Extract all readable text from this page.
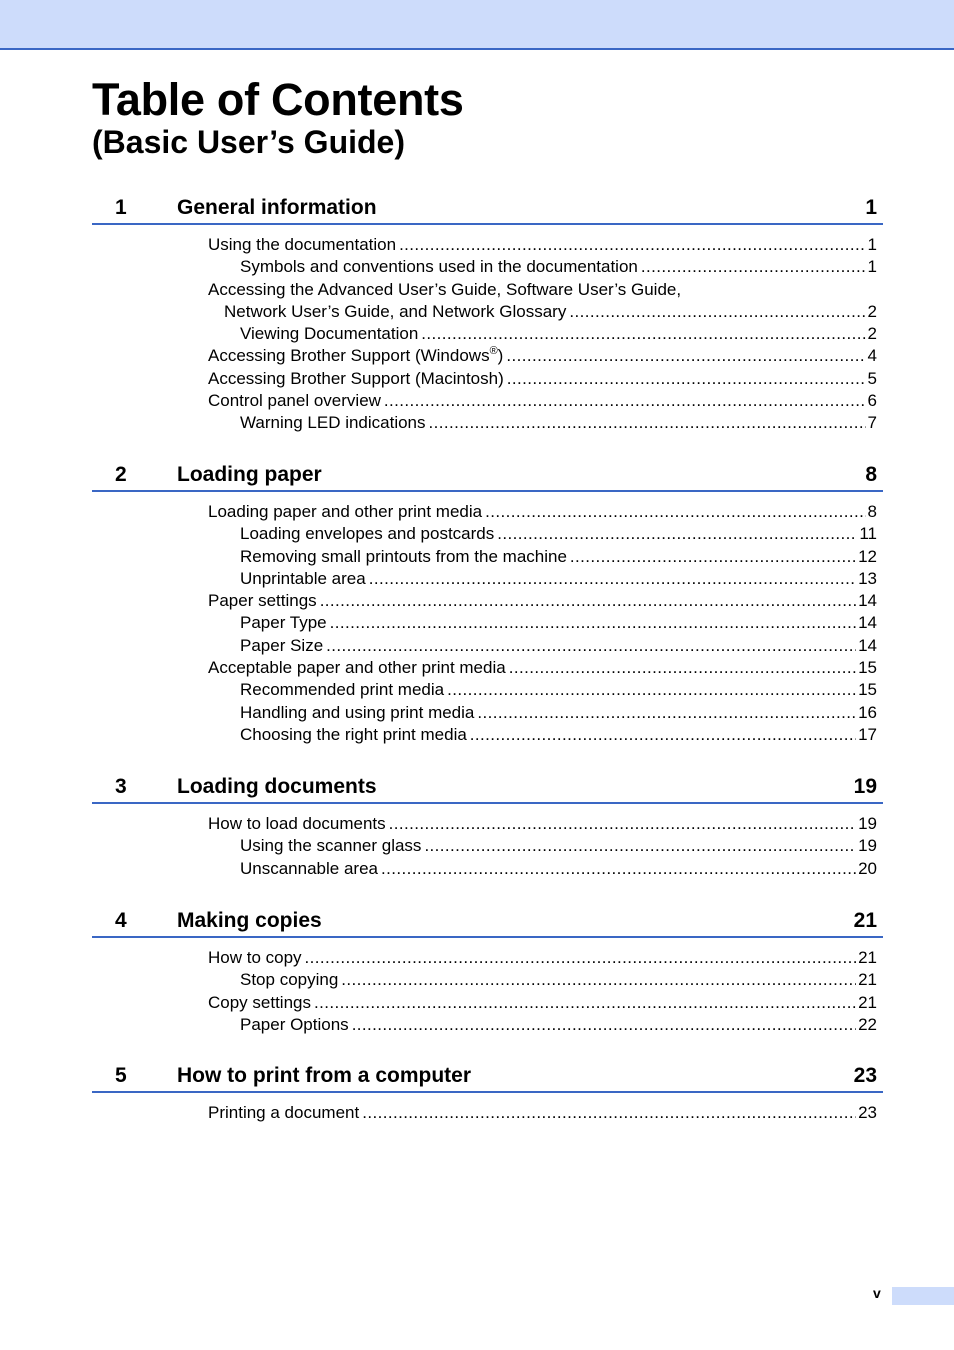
Table of Contents
(Basic User’s Guide)
1 General information	1
Using the documentation .....	1
Symbols and conventions used in the documentation .....	1
Accessing the Advanced User’s Guide, Software User’s Guide,
Network User’s Guide, and Network Glossary .....	2
Viewing Documentation .....	2
Accessing Brother Support (Windows®) .....	4
Accessing Brother Support (Macintosh) .....	5
Control panel overview .....	6
Warning LED indications .....	7
2 Loading paper	8
Loading paper and other print media .....	8
Loading envelopes and postcards .....	11
Removing small printouts from the machine .....	12
Unprintable area .....	13
Paper settings .....	14
Paper Type .....	14
Paper Size .....	14
Acceptable paper and other print media .....	15
Recommended print media .....	15
Handling and using print media .....	16
Choosing the right print media .....	17
3 Loading documents	19
How to load documents .....	19
Using the scanner glass .....	19
Unscannable area .....	20
4 Making copies	21
How to copy .....	21
Stop copying .....	21
Copy settings .....	21
Paper Options .....	22
5 How to print from a computer	23
Printing a document .....	23
v
